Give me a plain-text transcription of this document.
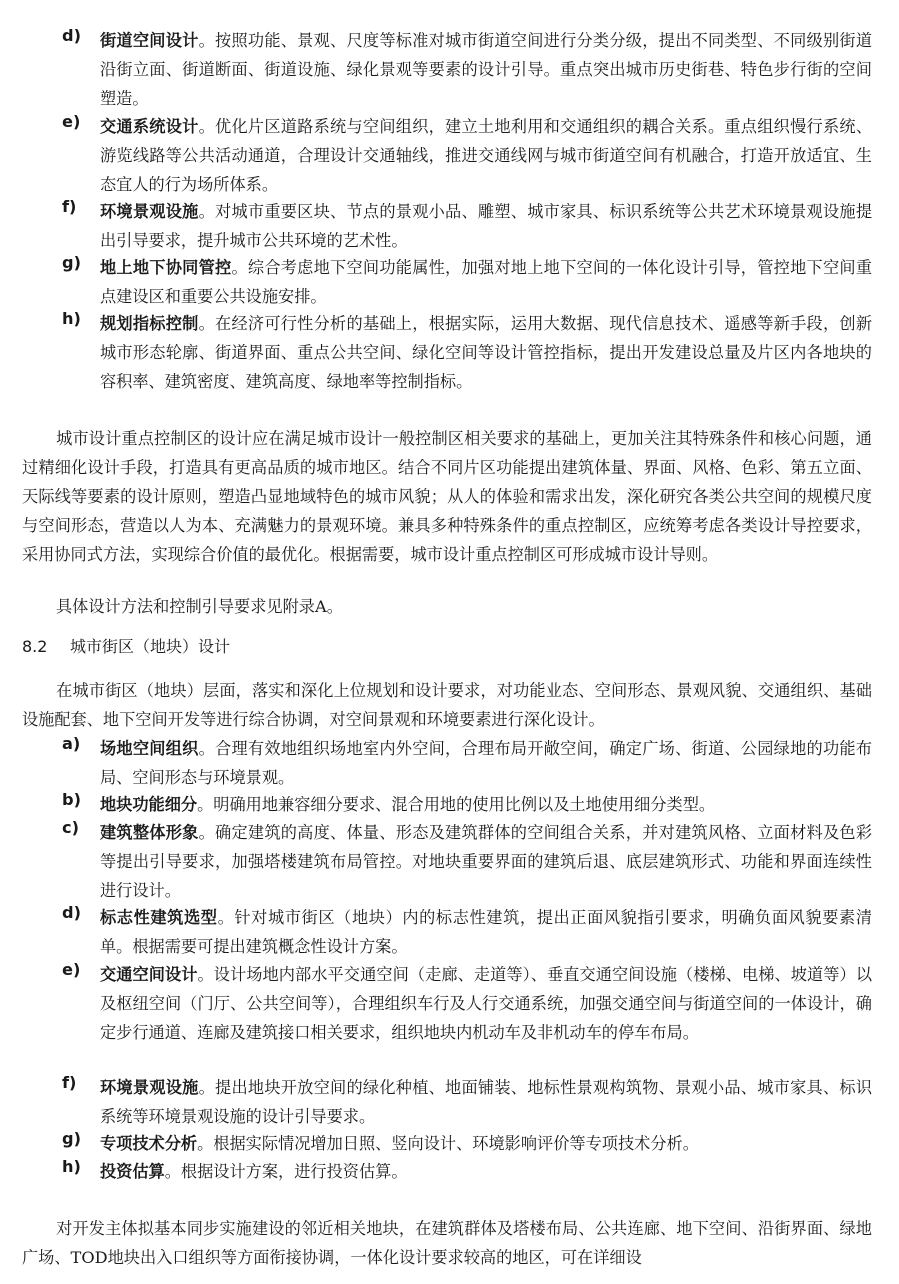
d) 街道空间设计。按照功能、景观、尺度等标准对城市街道空间进行分类分级，提出不同类型、不同级别街道沿街立面、街道断面、街道设施、绿化景观等要素的设计引导。重点突出城市历史街巷、特色步行街的空间塑造。
e) 交通系统设计。优化片区道路系统与空间组织，建立土地利用和交通组织的耦合关系。重点组织慢行系统、游览线路等公共活动通道，合理设计交通轴线，推进交通线网与城市街道空间有机融合，打造开放适宜、生态宜人的行为场所体系。
f) 环境景观设施。对城市重要区块、节点的景观小品、雕塑、城市家具、标识系统等公共艺术环境景观设施提出引导要求，提升城市公共环境的艺术性。
g) 地上地下协同管控。综合考虑地下空间功能属性，加强对地上地下空间的一体化设计引导，管控地下空间重点建设区和重要公共设施安排。
h) 规划指标控制。在经济可行性分析的基础上，根据实际，运用大数据、现代信息技术、遥感等新手段，创新城市形态轮廓、街道界面、重点公共空间、绿化空间等设计管控指标，提出开发建设总量及片区内各地块的容积率、建筑密度、建筑高度、绿地率等控制指标。
城市设计重点控制区的设计应在满足城市设计一般控制区相关要求的基础上，更加关注其特殊条件和核心问题，通过精细化设计手段，打造具有更高品质的城市地区。结合不同片区功能提出建筑体量、界面、风格、色彩、第五立面、天际线等要素的设计原则，塑造凸显地域特色的城市风貌；从人的体验和需求出发，深化研究各类公共空间的规模尺度与空间形态，营造以人为本、充满魅力的景观环境。兼具多种特殊条件的重点控制区，应统筹考虑各类设计导控要求，采用协同式方法，实现综合价值的最优化。根据需要，城市设计重点控制区可形成城市设计导则。
具体设计方法和控制引导要求见附录A。
8.2 城市街区（地块）设计
在城市街区（地块）层面，落实和深化上位规划和设计要求，对功能业态、空间形态、景观风貌、交通组织、基础设施配套、地下空间开发等进行综合协调，对空间景观和环境要素进行深化设计。
a) 场地空间组织。合理有效地组织场地室内外空间，合理布局开敞空间，确定广场、街道、公园绿地的功能布局、空间形态与环境景观。
b) 地块功能细分。明确用地兼容细分要求、混合用地的使用比例以及土地使用细分类型。
c) 建筑整体形象。确定建筑的高度、体量、形态及建筑群体的空间组合关系，并对建筑风格、立面材料及色彩等提出引导要求，加强塔楼建筑布局管控。对地块重要界面的建筑后退、底层建筑形式、功能和界面连续性进行设计。
d) 标志性建筑选型。针对城市街区（地块）内的标志性建筑，提出正面风貌指引要求，明确负面风貌要素清单。根据需要可提出建筑概念性设计方案。
e) 交通空间设计。设计场地内部水平交通空间（走廊、走道等）、垂直交通空间设施（楼梯、电梯、坡道等）以及枢纽空间（门厅、公共空间等），合理组织车行及人行交通系统，加强交通空间与街道空间的一体设计，确定步行通道、连廊及建筑接口相关要求，组织地块内机动车及非机动车的停车布局。
f) 环境景观设施。提出地块开放空间的绿化种植、地面铺装、地标性景观构筑物、景观小品、城市家具、标识系统等环境景观设施的设计引导要求。
g) 专项技术分析。根据实际情况增加日照、竖向设计、环境影响评价等专项技术分析。
h) 投资估算。根据设计方案，进行投资估算。
对开发主体拟基本同步实施建设的邻近相关地块，在建筑群体及塔楼布局、公共连廊、地下空间、沿街界面、绿地广场、TOD地块出入口组织等方面衔接协调，一体化设计要求较高的地区，可在详细设
